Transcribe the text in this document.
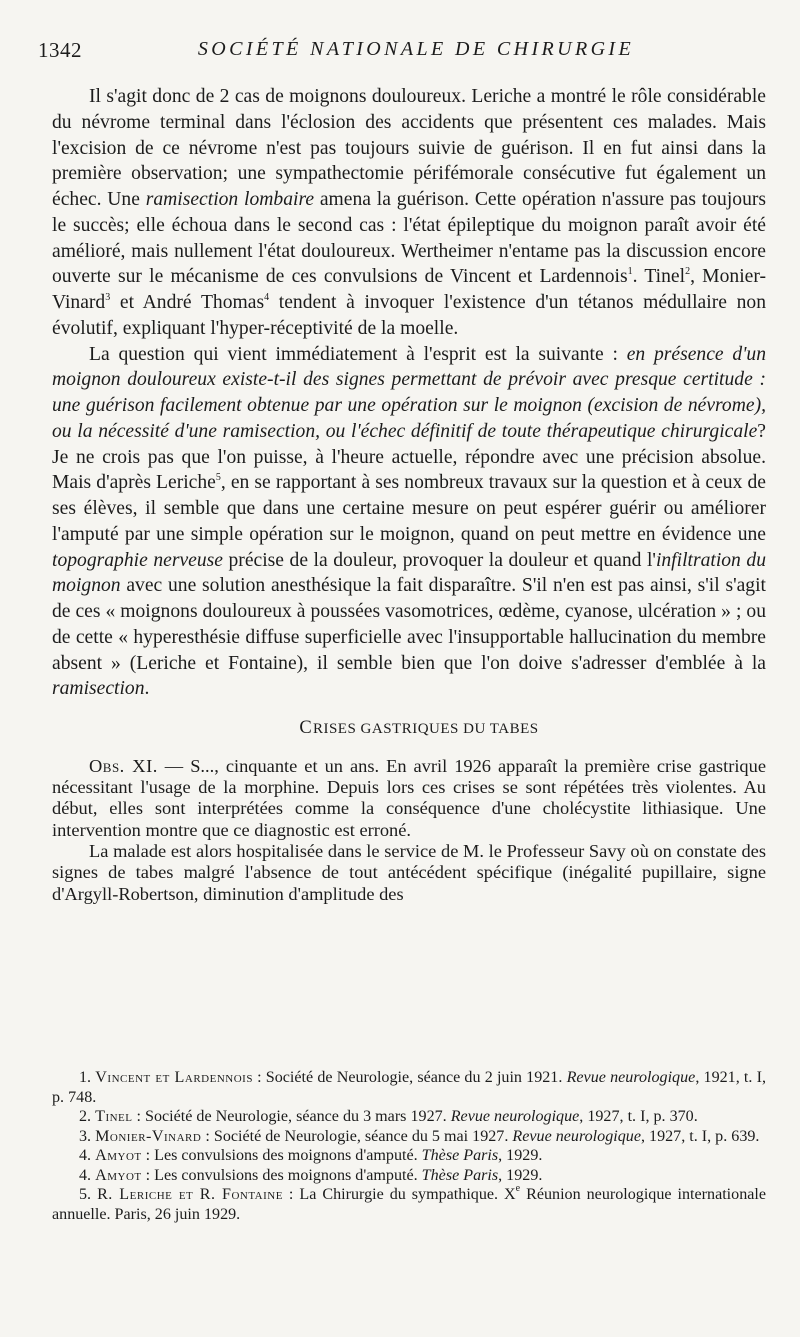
1342	SOCIÉTÉ NATIONALE DE CHIRURGIE

Il s'agit donc de 2 cas de moignons douloureux. Leriche a montré le rôle considérable du névrome terminal dans l'éclosion des accidents que présentent ces malades. Mais l'excision de ce névrome n'est pas toujours suivie de guérison. Il en fut ainsi dans la première observation; une sympathectomie périfémorale consécutive fut également un échec. Une ramisection lombaire amena la guérison. Cette opération n'assure pas toujours le succès; elle échoua dans le second cas : l'état épileptique du moignon paraît avoir été amélioré, mais nullement l'état douloureux. Wertheimer n'entame pas la discussion encore ouverte sur le mécanisme de ces convulsions de Vincent et Lardennois$^1$. Tinel$^2$, Monier-Vinard$^3$ et André Thomas$^4$ tendent à invoquer l'existence d'un tétanos médullaire non évolutif, expliquant l'hyper-réceptivité de la moelle.

La question qui vient immédiatement à l'esprit est la suivante : en présence d'un moignon douloureux existe-t-il des signes permettant de prévoir avec presque certitude : une guérison facilement obtenue par une opération sur le moignon (excision de névrome), ou la nécessité d'une ramisection, ou l'échec définitif de toute thérapeutique chirurgicale? Je ne crois pas que l'on puisse, à l'heure actuelle, répondre avec une précision absolue. Mais d'après Leriche$^5$, en se rapportant à ses nombreux travaux sur la question et à ceux de ses élèves, il semble que dans une certaine mesure on peut espérer guérir ou améliorer l'amputé par une simple opération sur le moignon, quand on peut mettre en évidence une topographie nerveuse précise de la douleur, provoquer la douleur et quand l'infiltration du moignon avec une solution anesthésique la fait disparaître. S'il n'en est pas ainsi, s'il s'agit de ces « moignons douloureux à poussées vasomotrices, œdème, cyanose, ulcération » ; ou de cette « hyperesthésie diffuse superficielle avec l'insupportable hallucination du membre absent » (Leriche et Fontaine), il semble bien que l'on doive s'adresser d'emblée à la ramisection.

CRISES GASTRIQUES DU TABES

Obs. XI. — S..., cinquante et un ans. En avril 1926 apparaît la première crise gastrique nécessitant l'usage de la morphine. Depuis lors ces crises se sont répétées très violentes. Au début, elles sont interprétées comme la conséquence d'une cholécystite lithiasique. Une intervention montre que ce diagnostic est erroné.

La malade est alors hospitalisée dans le service de M. le Professeur Savy où on constate des signes de tabes malgré l'absence de tout antécédent spécifique (inégalité pupillaire, signe d'Argyll-Robertson, diminution d'amplitude des

1. Vincent et Lardennois : Société de Neurologie, séance du 2 juin 1921. Revue neurologique, 1921, t. I, p. 748.

2. Tinel : Société de Neurologie, séance du 3 mars 1927. Revue neurologique, 1927, t. I, p. 370.

3. Monier-Vinard : Société de Neurologie, séance du 5 mai 1927. Revue neurologique, 1927, t. I, p. 639.

4. Amyot : Les convulsions des moignons d'amputé. Thèse Paris, 1929.

4. Amyot : Les convulsions des moignons d'amputé. Thèse Paris, 1929.

5. R. Leriche et R. Fontaine : La Chirurgie du sympathique. Xe Réunion neurologique internationale annuelle. Paris, 26 juin 1929.
